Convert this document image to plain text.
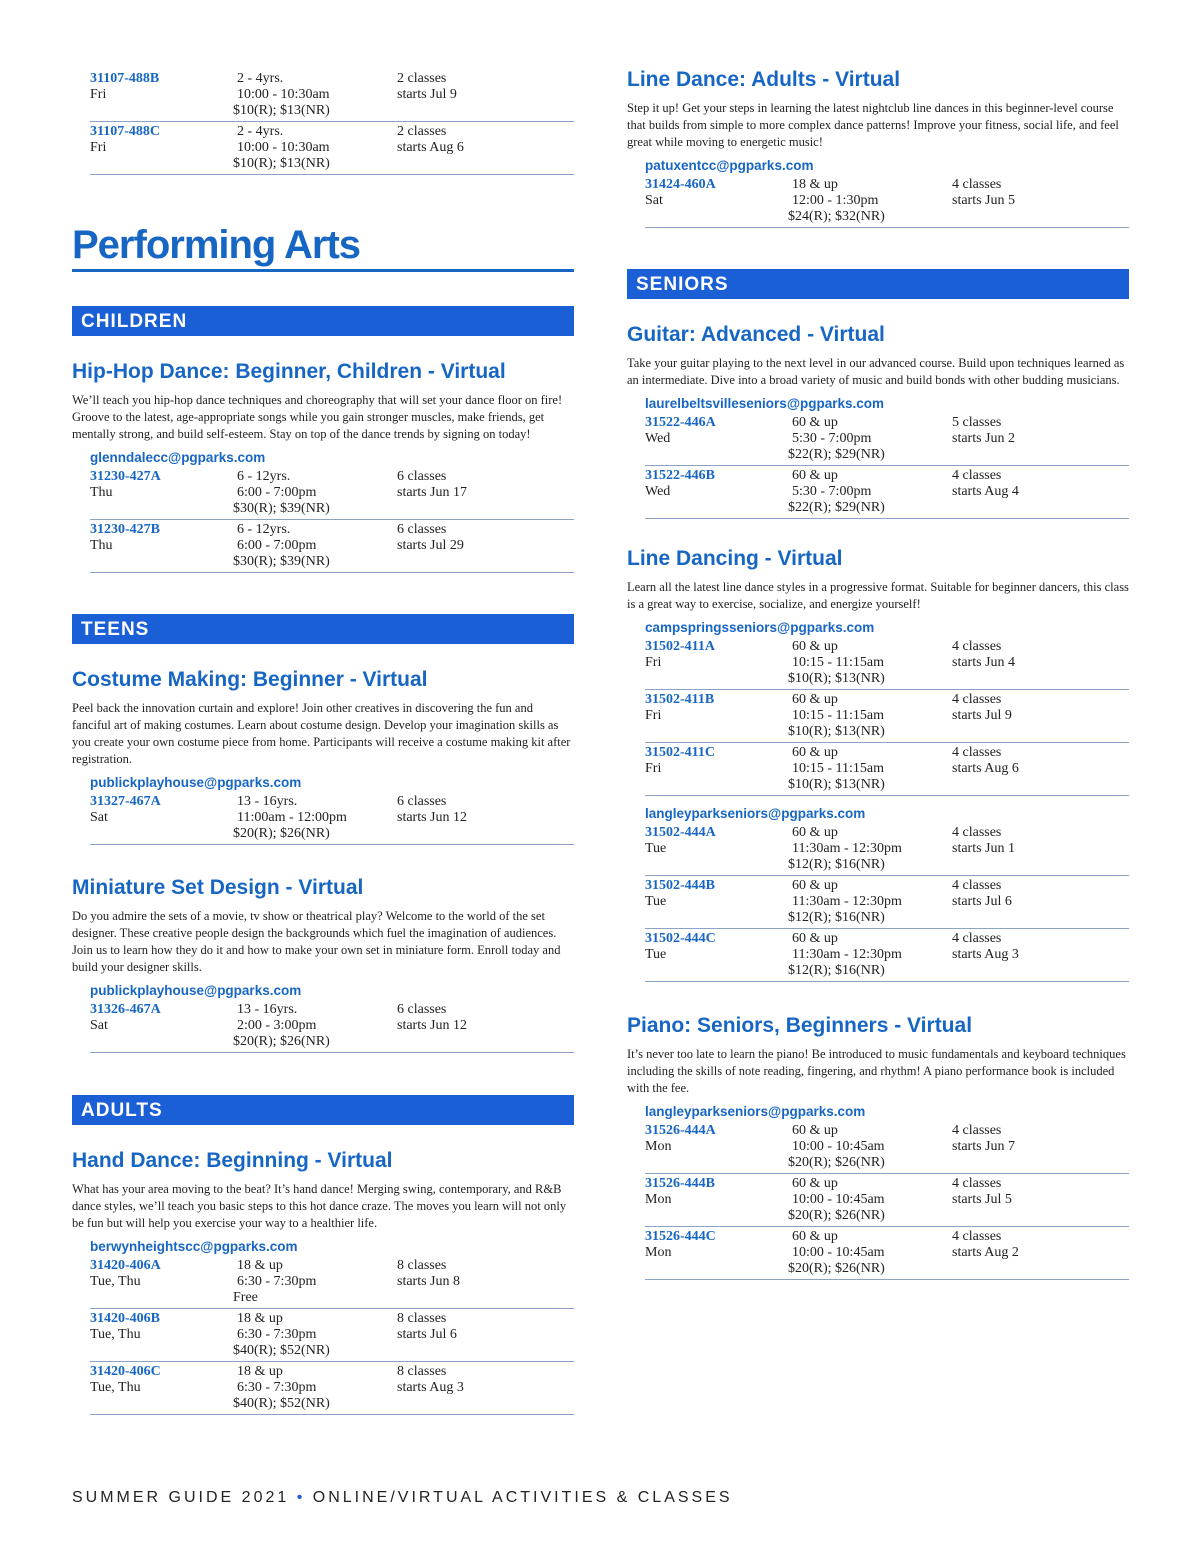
31107-488B
Fri
2 - 4yrs.
10:00 - 10:30am
$10(R); $13(NR)
2 classes
starts Jul 9
31107-488C
Fri
2 - 4yrs.
10:00 - 10:30am
$10(R); $13(NR)
2 classes
starts Aug 6
Performing Arts
CHILDREN
Hip-Hop Dance: Beginner, Children - Virtual
We’ll teach you hip-hop dance techniques and choreography that will set your dance floor on fire! Groove to the latest, age-appropriate songs while you gain stronger muscles, make friends, get mentally strong, and build self-esteem. Stay on top of the dance trends by signing on today!
glenndalecc@pgparks.com
31230-427A
Thu
6 - 12yrs.
6:00 - 7:00pm
$30(R); $39(NR)
6 classes
starts Jun 17
31230-427B
Thu
6 - 12yrs.
6:00 - 7:00pm
$30(R); $39(NR)
6 classes
starts Jul 29
TEENS
Costume Making: Beginner - Virtual
Peel back the innovation curtain and explore! Join other creatives in discovering the fun and fanciful art of making costumes. Learn about costume design. Develop your imagination skills as you create your own costume piece from home. Participants will receive a costume making kit after registration.
publickplayhouse@pgparks.com
31327-467A
Sat
13 - 16yrs.
11:00am - 12:00pm
$20(R); $26(NR)
6 classes
starts Jun 12
Miniature Set Design - Virtual
Do you admire the sets of a movie, tv show or theatrical play? Welcome to the world of the set designer. These creative people design the backgrounds which fuel the imagination of audiences. Join us to learn how they do it and how to make your own set in miniature form. Enroll today and build your designer skills.
publickplayhouse@pgparks.com
31326-467A
Sat
13 - 16yrs.
2:00 - 3:00pm
$20(R); $26(NR)
6 classes
starts Jun 12
ADULTS
Hand Dance: Beginning - Virtual
What has your area moving to the beat? It’s hand dance! Merging swing, contemporary, and R&B dance styles, we’ll teach you basic steps to this hot dance craze. The moves you learn will not only be fun but will help you exercise your way to a healthier life.
berwynheightscc@pgparks.com
31420-406A
Tue, Thu
18 & up
6:30 - 7:30pm
Free
8 classes
starts Jun 8
31420-406B
Tue, Thu
18 & up
6:30 - 7:30pm
$40(R); $52(NR)
8 classes
starts Jul 6
31420-406C
Tue, Thu
18 & up
6:30 - 7:30pm
$40(R); $52(NR)
8 classes
starts Aug 3
Line Dance: Adults - Virtual
Step it up! Get your steps in learning the latest nightclub line dances in this beginner-level course that builds from simple to more complex dance patterns! Improve your fitness, social life, and feel great while moving to energetic music!
patuxentcc@pgparks.com
31424-460A
Sat
18 & up
12:00 - 1:30pm
$24(R); $32(NR)
4 classes
starts Jun 5
SENIORS
Guitar: Advanced - Virtual
Take your guitar playing to the next level in our advanced course. Build upon techniques learned as an intermediate. Dive into a broad variety of music and build bonds with other budding musicians.
laurelbeltsvilleseniors@pgparks.com
31522-446A
Wed
60 & up
5:30 - 7:00pm
$22(R); $29(NR)
5 classes
starts Jun 2
31522-446B
Wed
60 & up
5:30 - 7:00pm
$22(R); $29(NR)
4 classes
starts Aug 4
Line Dancing - Virtual
Learn all the latest line dance styles in a progressive format. Suitable for beginner dancers, this class is a great way to exercise, socialize, and energize yourself!
campspringsseniors@pgparks.com
31502-411A
Fri
60 & up
10:15 - 11:15am
$10(R); $13(NR)
4 classes
starts Jun 4
31502-411B
Fri
60 & up
10:15 - 11:15am
$10(R); $13(NR)
4 classes
starts Jul 9
31502-411C
Fri
60 & up
10:15 - 11:15am
$10(R); $13(NR)
4 classes
starts Aug 6
langleyparkseniors@pgparks.com
31502-444A
Tue
60 & up
11:30am - 12:30pm
$12(R); $16(NR)
4 classes
starts Jun 1
31502-444B
Tue
60 & up
11:30am - 12:30pm
$12(R); $16(NR)
4 classes
starts Jul 6
31502-444C
Tue
60 & up
11:30am - 12:30pm
$12(R); $16(NR)
4 classes
starts Aug 3
Piano: Seniors, Beginners - Virtual
It’s never too late to learn the piano! Be introduced to music fundamentals and keyboard techniques including the skills of note reading, fingering, and rhythm! A piano performance book is included with the fee.
langleyparkseniors@pgparks.com
31526-444A
Mon
60 & up
10:00 - 10:45am
$20(R); $26(NR)
4 classes
starts Jun 7
31526-444B
Mon
60 & up
10:00 - 10:45am
$20(R); $26(NR)
4 classes
starts Jul 5
31526-444C
Mon
60 & up
10:00 - 10:45am
$20(R); $26(NR)
4 classes
starts Aug 2
SUMMER GUIDE 2021 • ONLINE/VIRTUAL ACTIVITIES & CLASSES
